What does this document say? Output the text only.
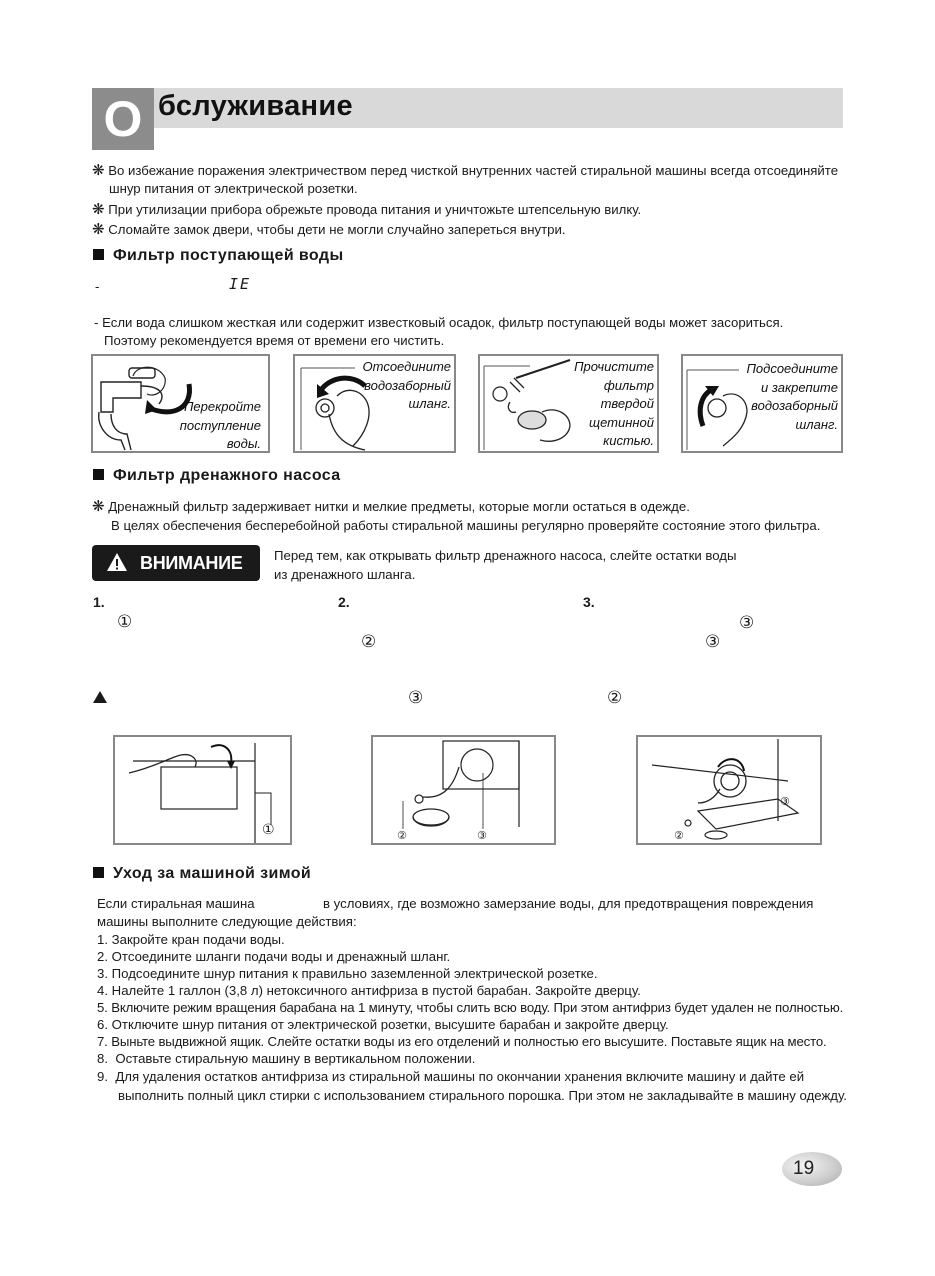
O бслуживание
❋ Во избежание поражения электричеством перед чисткой внутренних частей стиральной машины всегда отсоединяйте
шнур питания от электрической розетки.
❋ При утилизации прибора обрежьте провода питания и уничтожьте штепсельную вилку.
❋ Сломайте замок двери, чтобы дети не могли случайно запереться внутри.
Фильтр поступающей воды
-	IE
- Если вода слишком жесткая или содержит известковый осадок, фильтр поступающей воды может засориться.
Поэтому рекомендуется время от времени его чистить.
Перекройте
поступление
воды.
Отсоедините
водозаборный
шланг.
Прочистите
фильтр
твердой
щетинной
кистью.
Подсоедините
и закрепите
водозаборный
шланг.
Фильтр дренажного насоса
❋ Дренажный фильтр задерживает нитки и мелкие предметы, которые могли остаться в одежде.
В целях обеспечения бесперебойной работы стиральной машины регулярно проверяйте состояние этого фильтра.
ВНИМАНИЕ Перед тем, как открывать фильтр дренажного насоса, слейте остатки воды
из дренажного шланга.
1.	2.	3.
①
②
③
③
③	②
①	②	③
③
②
Уход за машиной зимой
Если стиральная машина	в условиях, где возможно замерзание воды, для предотвращения повреждения
машины выполните следующие действия:
1. Закройте кран подачи воды.
2. Отсоедините шланги подачи воды и дренажный шланг.
3. Подсоедините шнур питания к правильно заземленной электрической розетке.
4. Налейте 1 галлон (3,8 л) нетоксичного антифриза в пустой барабан. Закройте дверцу.
5. Включите режим вращения барабана на 1 минуту, чтобы слить всю воду. При этом антифриз будет удален не полностью.
6. Отключите шнур питания от электрической розетки, высушите барабан и закройте дверцу.
7. Выньте выдвижной ящик. Слейте остатки воды из его отделений и полностью его высушите. Поставьте ящик на место.
8. Оставьте стиральную машину в вертикальном положении.
9. Для удаления остатков антифриза из стиральной машины по окончании хранения включите машину и дайте ей
выполнить полный цикл стирки с использованием стирального порошка. При этом не закладывайте в машину одежду.
19
